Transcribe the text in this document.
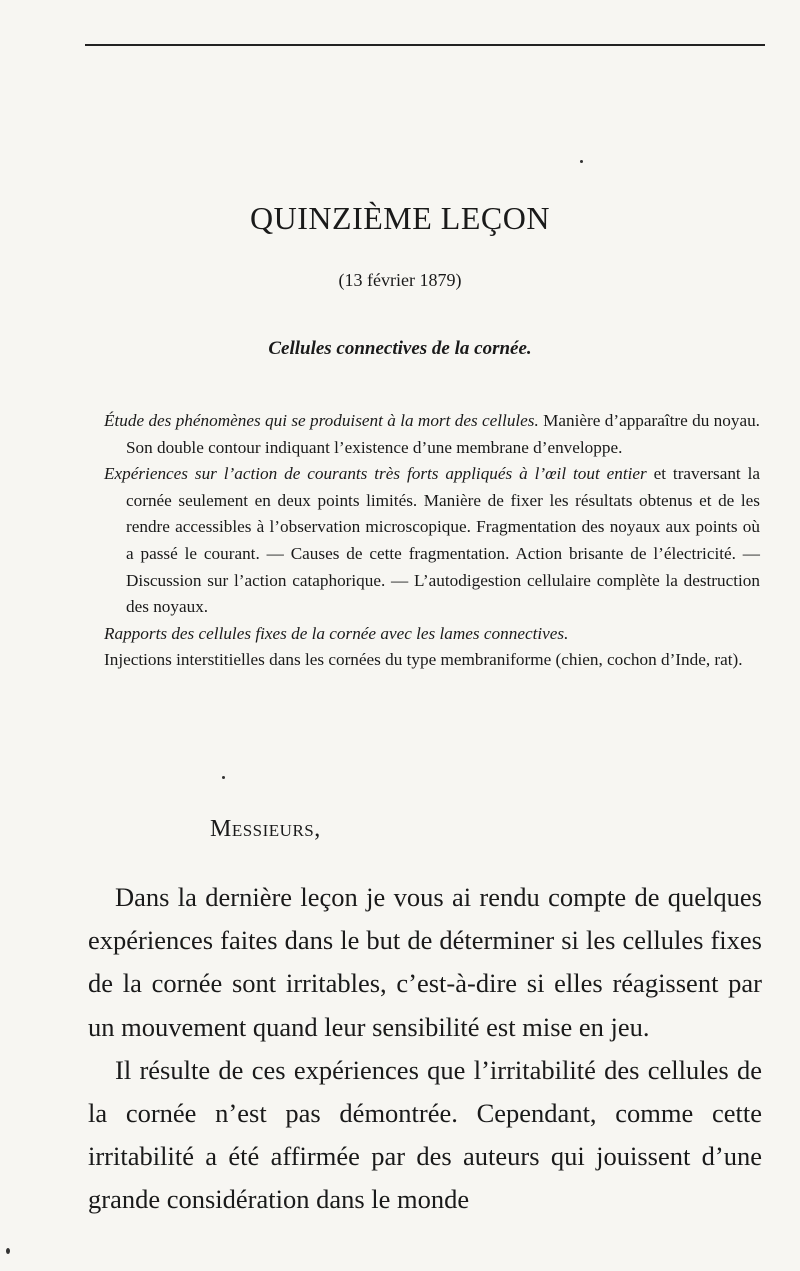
QUINZIÈME LEÇON
(13 février 1879)
Cellules connectives de la cornée.

Étude des phénomènes qui se produisent à la mort des cellules. Manière d’apparaître du noyau. Son double contour indiquant l’existence d’une membrane d’enveloppe.

Expériences sur l’action de courants très forts appliqués à l’œil tout entier et traversant la cornée seulement en deux points limités. Manière de fixer les résultats obtenus et de les rendre accessibles à l’observation microscopique. Fragmentation des noyaux aux points où a passé le courant. — Causes de cette fragmentation. Action brisante de l’électricité. — Discussion sur l’action cataphorique. — L’autodigestion cellulaire complète la destruction des noyaux.

Rapports des cellules fixes de la cornée avec les lames connectives.

Injections interstitielles dans les cornées du type membraniforme (chien, cochon d’Inde, rat).

Messieurs,

Dans la dernière leçon je vous ai rendu compte de quelques expériences faites dans le but de déterminer si les cellules fixes de la cornée sont irritables, c’est-à-dire si elles réagissent par un mouvement quand leur sensibilité est mise en jeu.

Il résulte de ces expériences que l’irritabilité des cellules de la cornée n’est pas démontrée. Cependant, comme cette irritabilité a été affirmée par des auteurs qui jouissent d’une grande considération dans le monde
